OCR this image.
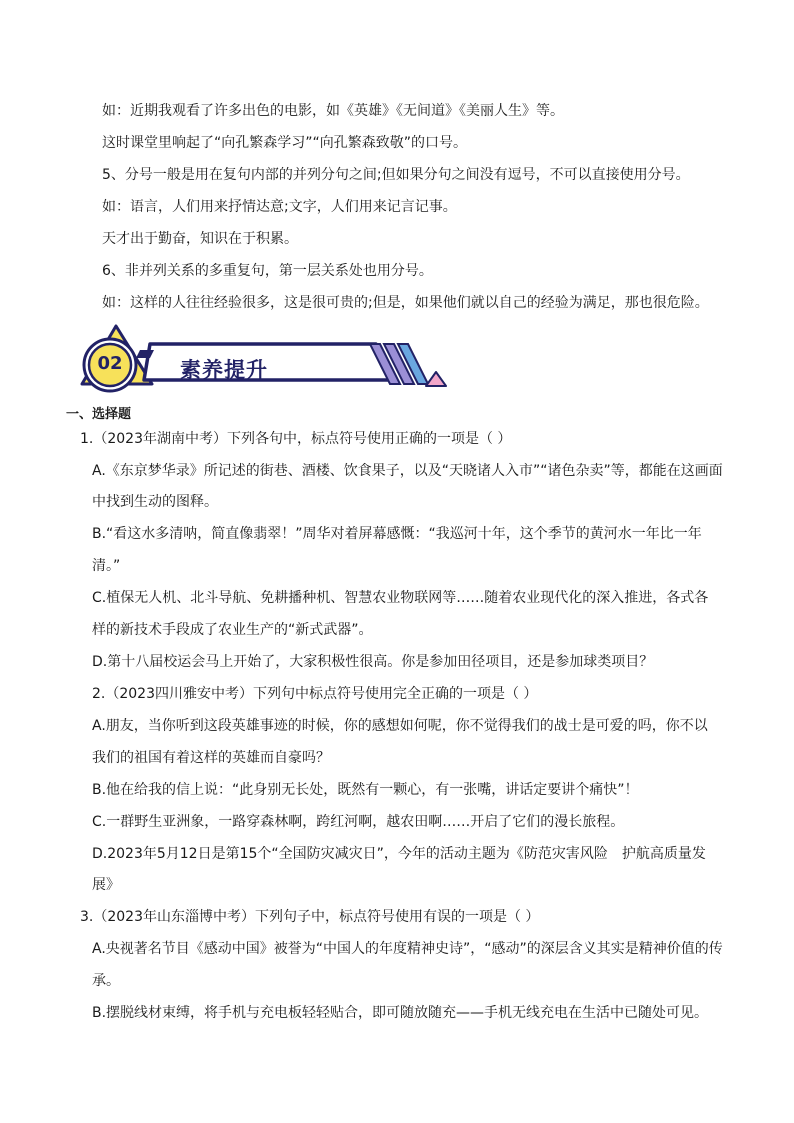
如：近期我观看了许多出色的电影，如《英雄》《无间道》《美丽人生》等。
这时课堂里响起了“向孔繁森学习”“向孔繁森致敬”的口号。
5、分号一般是用在复句内部的并列分句之间;但如果分句之间没有逗号，不可以直接使用分号。
如：语言，人们用来抒情达意;文字，人们用来记言记事。
天才出于勤奋，知识在于积累。
6、非并列关系的多重复句，第一层关系处也用分号。
如：这样的人往往经验很多，这是很可贵的;但是，如果他们就以自己的经验为满足，那也很危险。
02	素养提升
一、选择题
1.（2023年湖南中考）下列各句中，标点符号使用正确的一项是（ ）
A.《东京梦华录》所记述的街巷、酒楼、饮食果子，以及“天晓诸人入市”“诸色杂卖”等，都能在这画面
中找到生动的图释。
B.“看这水多清呐，简直像翡翠！”周华对着屏幕感慨：“我巡河十年，这个季节的黄河水一年比一年
清。”
C.植保无人机、北斗导航、免耕播种机、智慧农业物联网等……随着农业现代化的深入推进，各式各
样的新技术手段成了农业生产的“新式武器”。
D.第十八届校运会马上开始了，大家积极性很高。你是参加田径项目，还是参加球类项目？
2.（2023四川雅安中考）下列句中标点符号使用完全正确的一项是（ ）
A.朋友，当你听到这段英雄事迹的时候，你的感想如何呢，你不觉得我们的战士是可爱的吗，你不以
我们的祖国有着这样的英雄而自豪吗？
B.他在给我的信上说：“此身别无长处，既然有一颗心，有一张嘴，讲话定要讲个痛快”！
C.一群野生亚洲象，一路穿森林啊，跨红河啊，越农田啊……开启了它们的漫长旅程。
D.2023年5月12日是第15个“全国防灾减灾日”，今年的活动主题为《防范灾害风险　护航高质量发
展》
3.（2023年山东淄博中考）下列句子中，标点符号使用有误的一项是（ ）
A.央视著名节目《感动中国》被誉为“中国人的年度精神史诗”，“感动”的深层含义其实是精神价值的传
承。
B.摆脱线材束缚，将手机与充电板轻轻贴合，即可随放随充——手机无线充电在生活中已随处可见。
